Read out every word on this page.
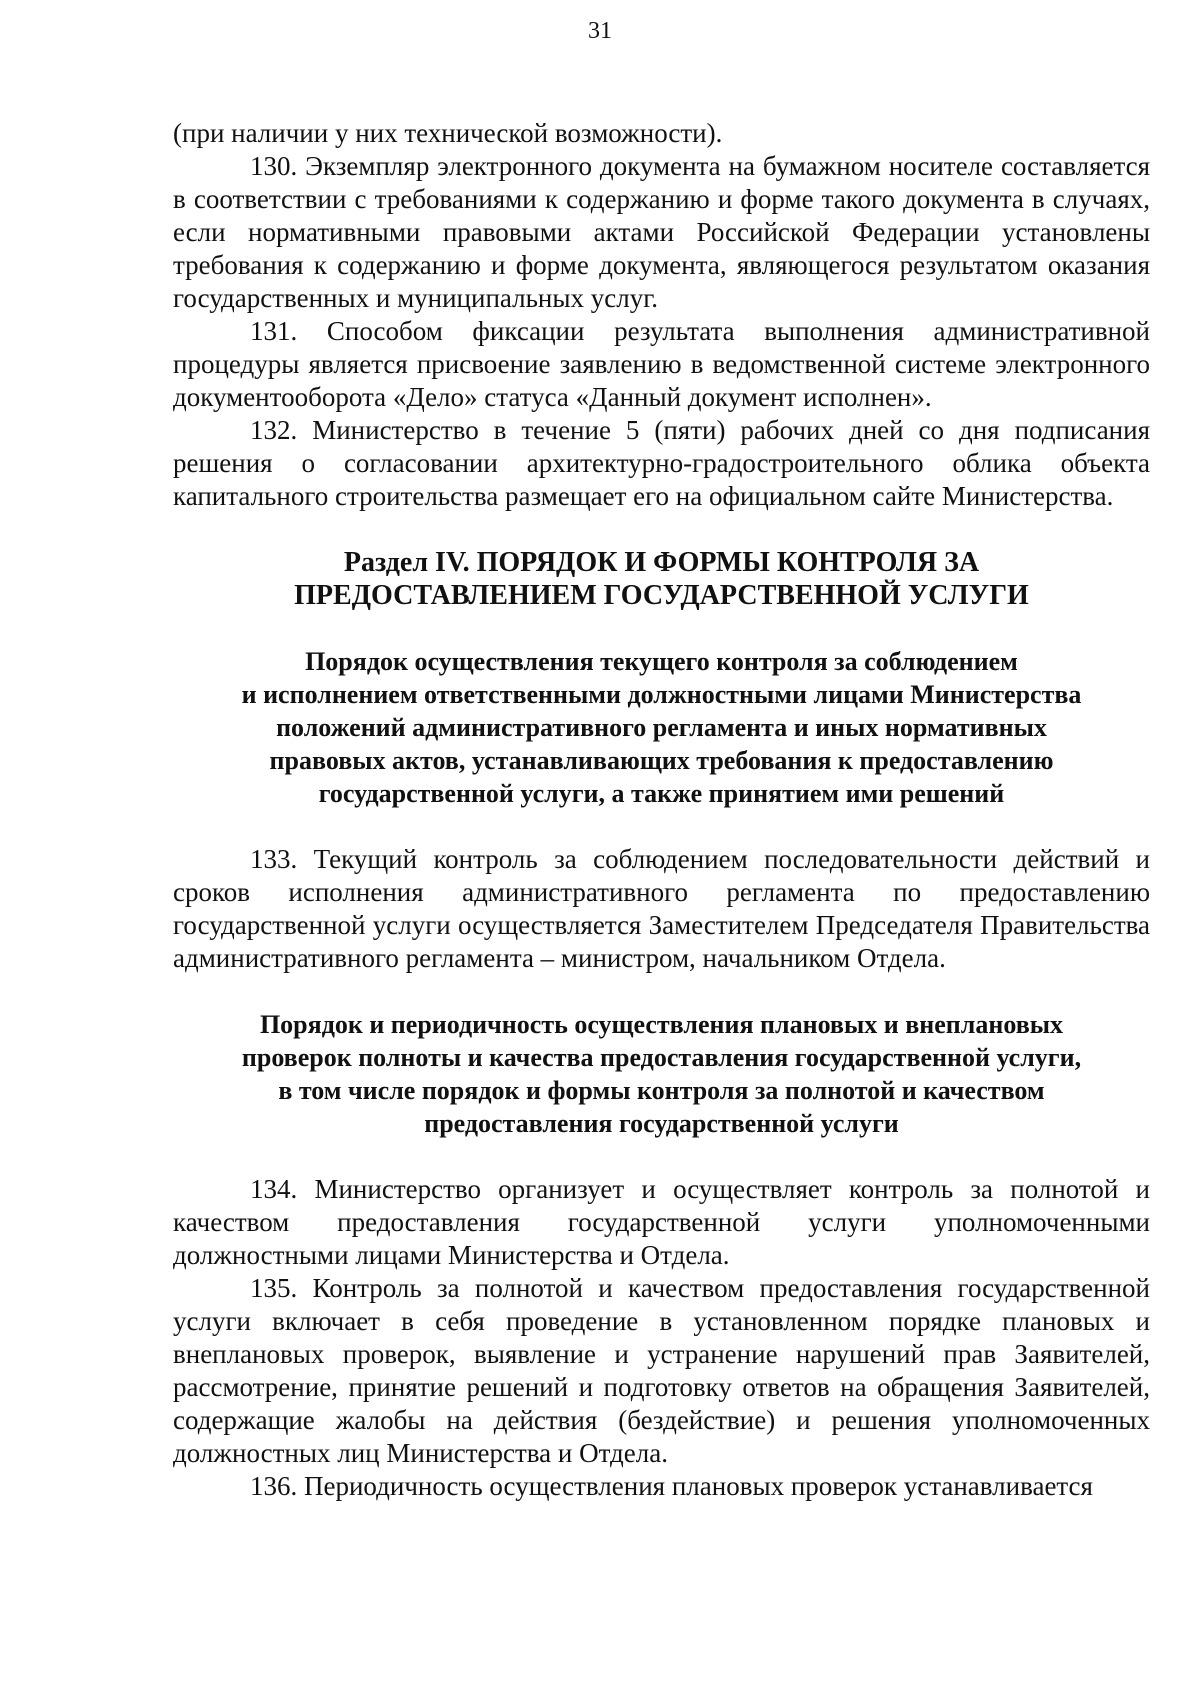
31

(при наличии у них технической возможности).

130. Экземпляр электронного документа на бумажном носителе составляется в соответствии с требованиями к содержанию и форме такого документа в случаях, если нормативными правовыми актами Российской Федерации установлены требования к содержанию и форме документа, являющегося результатом оказания государственных и муниципальных услуг.

131. Способом фиксации результата выполнения административной процедуры является присвоение заявлению в ведомственной системе электронного документооборота «Дело» статуса «Данный документ исполнен».

132. Министерство в течение 5 (пяти) рабочих дней со дня подписания решения о согласовании архитектурно-градостроительного облика объекта капитального строительства размещает его на официальном сайте Министерства.

Раздел IV. ПОРЯДОК И ФОРМЫ КОНТРОЛЯ ЗА
ПРЕДОСТАВЛЕНИЕМ ГОСУДАРСТВЕННОЙ УСЛУГИ
Порядок осуществления текущего контроля за соблюдением
и исполнением ответственными должностными лицами Министерства
положений административного регламента и иных нормативных
правовых актов, устанавливающих требования к предоставлению
государственной услуги, а также принятием ими решений

133. Текущий контроль за соблюдением последовательности действий и сроков исполнения административного регламента по предоставлению государственной услуги осуществляется Заместителем Председателя Правительства административного регламента – министром, начальником Отдела.

Порядок и периодичность осуществления плановых и внеплановых
проверок полноты и качества предоставления государственной услуги,
в том числе порядок и формы контроля за полнотой и качеством
предоставления государственной услуги

134. Министерство организует и осуществляет контроль за полнотой и качеством предоставления государственной услуги уполномоченными должностными лицами Министерства и Отдела.

135. Контроль за полнотой и качеством предоставления государственной услуги включает в себя проведение в установленном порядке плановых и внеплановых проверок, выявление и устранение нарушений прав Заявителей, рассмотрение, принятие решений и подготовку ответов на обращения Заявителей, содержащие жалобы на действия (бездействие) и решения уполномоченных должностных лиц Министерства и Отдела.

136. Периодичность осуществления плановых проверок устанавливается
